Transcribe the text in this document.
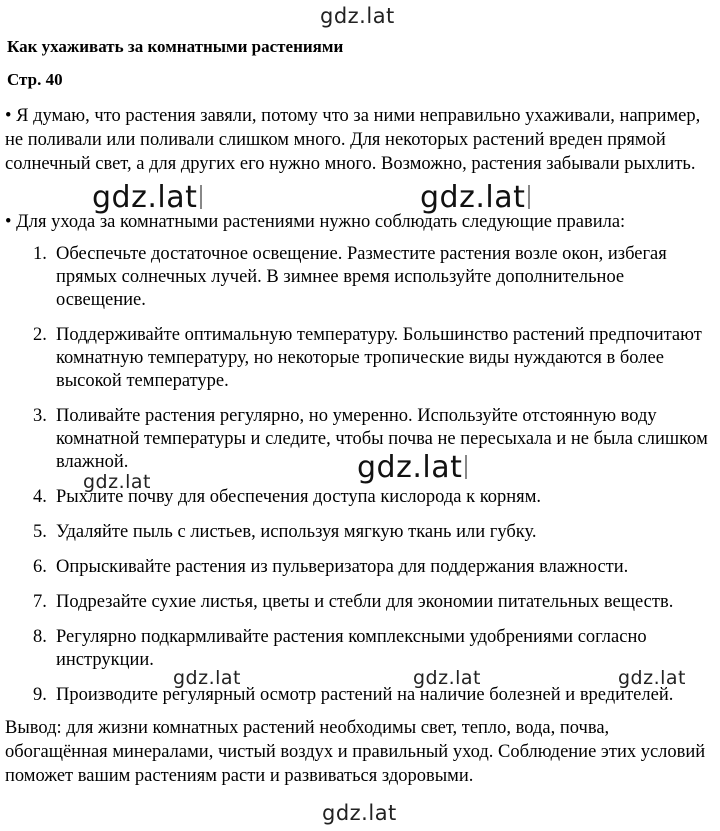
gdz.lat
Как ухаживать за комнатными растениями
Стр. 40

• Я думаю, что растения завяли, потому что за ними неправильно ухаживали, например, не поливали или поливали слишком много. Для некоторых растений вреден прямой солнечный свет, а для других его нужно много. Возможно, растения забывали рыхлить.

• Для ухода за комнатными растениями нужно соблюдать следующие правила:

1. Обеспечьте достаточное освещение. Разместите растения возле окон, избегая прямых солнечных лучей. В зимнее время используйте дополнительное освещение.
2. Поддерживайте оптимальную температуру. Большинство растений предпочитают комнатную температуру, но некоторые тропические виды нуждаются в более высокой температуре.
3. Поливайте растения регулярно, но умеренно. Используйте отстоянную воду комнатной температуры и следите, чтобы почва не пересыхала и не была слишком влажной.
4. Рыхлите почву для обеспечения доступа кислорода к корням.
5. Удаляйте пыль с листьев, используя мягкую ткань или губку.
6. Опрыскивайте растения из пульверизатора для поддержания влажности.
7. Подрезайте сухие листья, цветы и стебли для экономии питательных веществ.
8. Регулярно подкармливайте растения комплексными удобрениями согласно инструкции.
9. Производите регулярный осмотр растений на наличие болезней и вредителей.

Вывод: для жизни комнатных растений необходимы свет, тепло, вода, почва, обогащённая минералами, чистый воздух и правильный уход. Соблюдение этих условий поможет вашим растениям расти и развиваться здоровыми.

gdz.lat	gdz.lat
gdz.lat
gdz.lat
gdz.lat	gdz.lat	gdz.lat
gdz.lat
